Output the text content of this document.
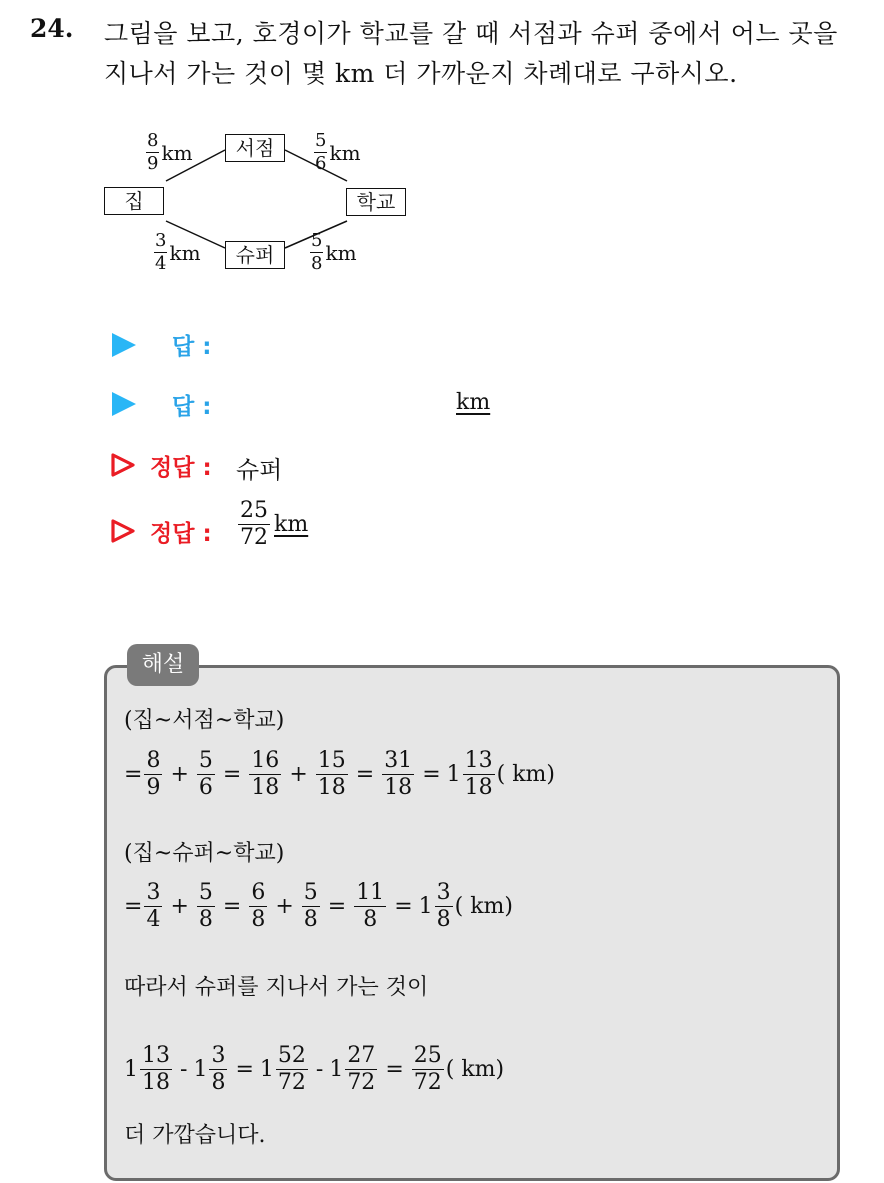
24. 그림을 보고, 호경이가 학교를 갈 때 서점과 슈퍼 중에서 어느 곳을
지나서 가는 것이 몇 km 더 가까운지 차례대로 구하시오.
집
서점
학교
슈퍼
$\frac{8}{9}$ km	$\frac{5}{6}$ km
$\frac{3}{4}$ km	$\frac{5}{8}$ km
답 :
답 :	km
정답 : 슈퍼
정답 : $\frac{25}{72}$ km
해설
(집~서점~학교)
= $\frac{8}{9} + \frac{5}{6} = \frac{16}{18} + \frac{15}{18} = \frac{31}{18} = 1 \frac{13}{18}$ ( km)
(집~슈퍼~학교)
= $\frac{3}{4} + \frac{5}{8} = \frac{6}{8} + \frac{5}{8} = \frac{11}{8} = 1 \frac{3}{8}$ ( km)
따라서 슈퍼를 지나서 가는 것이
$1 \frac{13}{18} - 1 \frac{3}{8} = 1 \frac{52}{72} - 1 \frac{27}{72} = \frac{25}{72}$ ( km)
더 가깝습니다.
